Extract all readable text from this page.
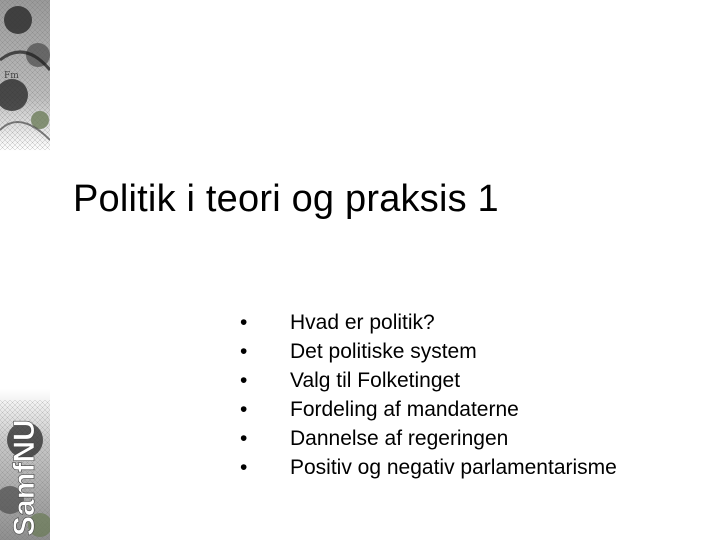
Fm
SamfNU
Politik i teori og praksis 1
•	Hvad er politik?
•	Det politiske system
•	Valg til Folketinget
•	Fordeling af mandaterne
•	Dannelse af regeringen
•	Positiv og negativ parlamentarisme
